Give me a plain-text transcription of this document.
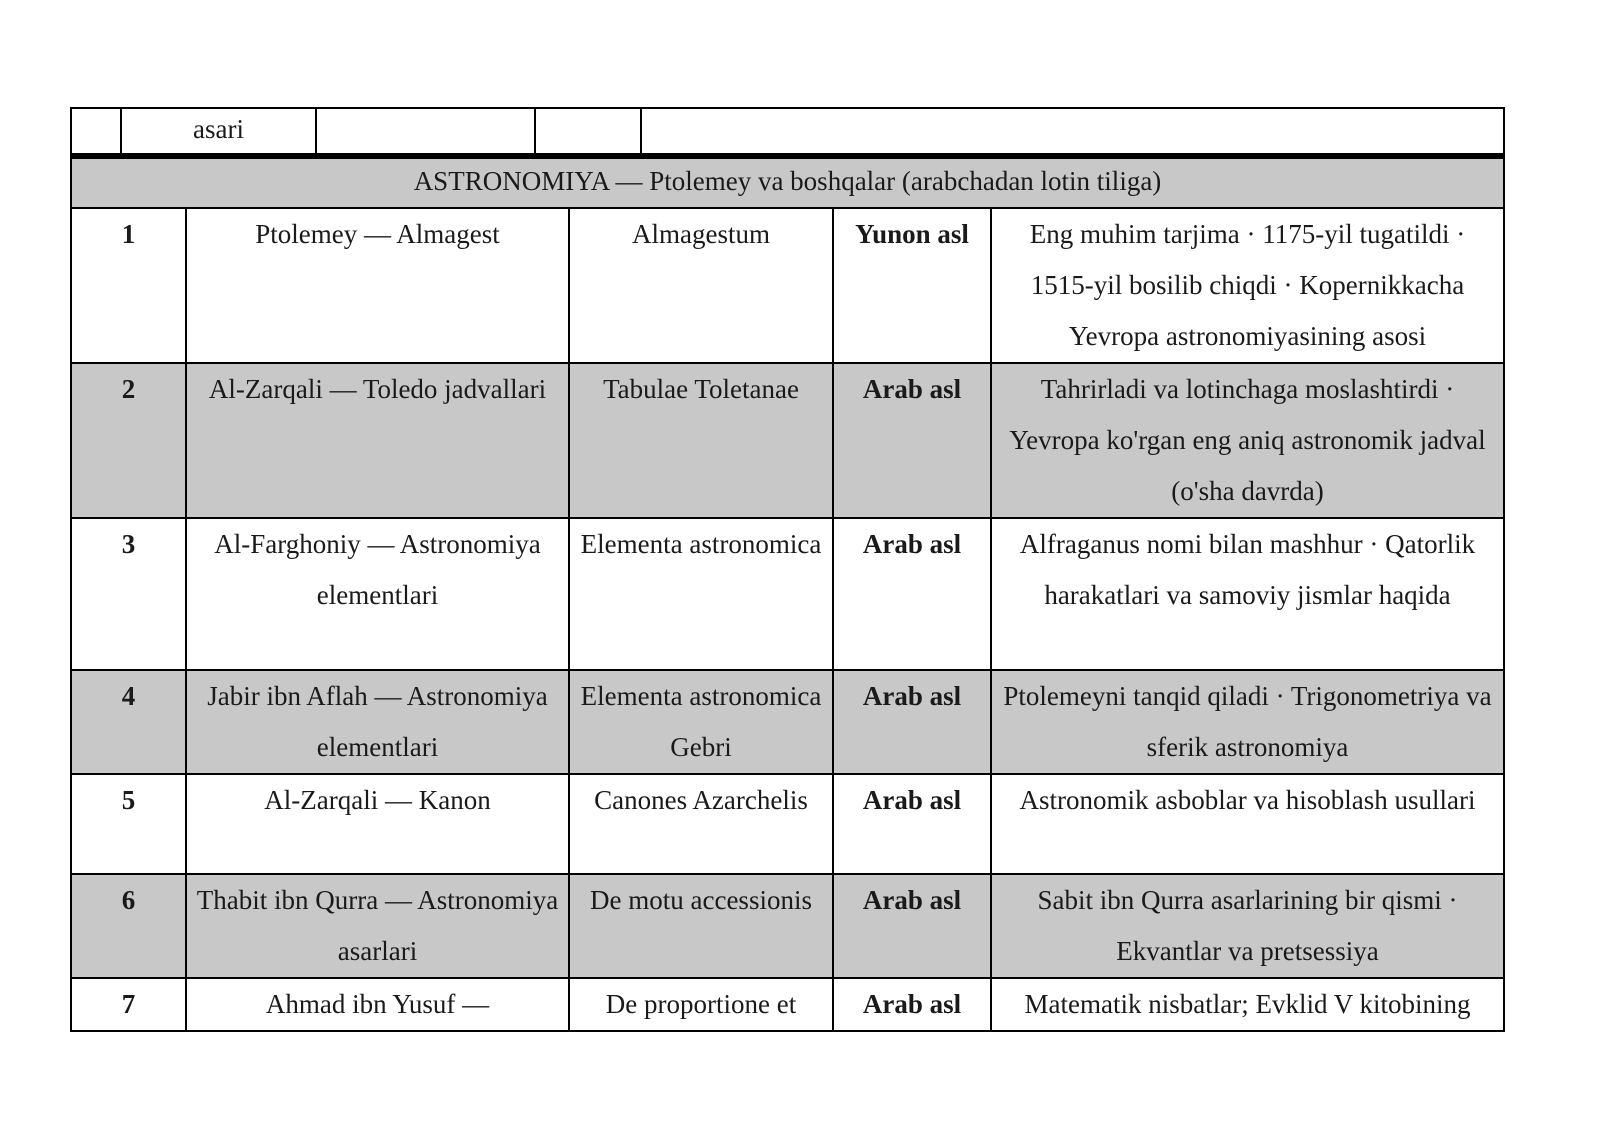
	asari			
ASTRONOMIYA — Ptolemey va boshqalar (arabchadan lotin tiliga)				
1	Ptolemey — Almagest	Almagestum	Yunon asl	Eng muhim tarjima · 1175-yil tugatildi · 1515-yil bosilib chiqdi · Kopernikkacha Yevropa astronomiyasining asosi
2	Al-Zarqali — Toledo jadvallari	Tabulae Toletanae	Arab asl	Tahrirladi va lotinchaga moslashtirdi · Yevropa ko'rgan eng aniq astronomik jadval (o'sha davrda)
3	Al-Farghoniy — Astronomiya elementlari	Elementa astronomica	Arab asl	Alfraganus nomi bilan mashhur · Qatorlik harakatlari va samoviy jismlar haqida
4	Jabir ibn Aflah — Astronomiya elementlari	Elementa astronomica Gebri	Arab asl	Ptolemeyni tanqid qiladi · Trigonometriya va sferik astronomiya
5	Al-Zarqali — Kanon	Canones Azarchelis	Arab asl	Astronomik asboblar va hisoblash usullari
6	Thabit ibn Qurra — Astronomiya asarlari	De motu accessionis	Arab asl	Sabit ibn Qurra asarlarining bir qismi · Ekvantlar va pretsessiya
7	Ahmad ibn Yusuf —	De proportione et	Arab asl	Matematik nisbatlar; Evklid V kitobining
